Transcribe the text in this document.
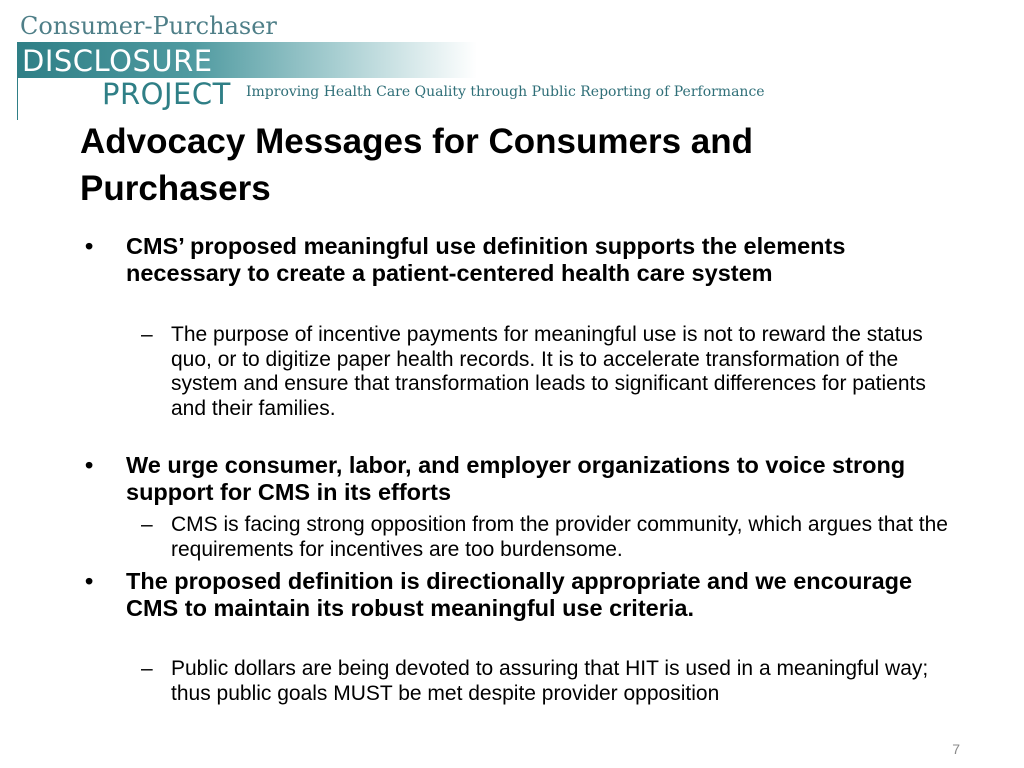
Consumer-Purchaser
DISCLOSURE
PROJECT Improving Health Care Quality through Public Reporting of Performance
Advocacy Messages for Consumers and
Purchasers
• CMS’ proposed meaningful use definition supports the elements necessary to create a patient-centered health care system
– The purpose of incentive payments for meaningful use is not to reward the status quo, or to digitize paper health records. It is to accelerate transformation of the system and ensure that transformation leads to significant differences for patients and their families.
• We urge consumer, labor, and employer organizations to voice strong support for CMS in its efforts
– CMS is facing strong opposition from the provider community, which argues that the requirements for incentives are too burdensome.
• The proposed definition is directionally appropriate and we encourage CMS to maintain its robust meaningful use criteria.
– Public dollars are being devoted to assuring that HIT is used in a meaningful way; thus public goals MUST be met despite provider opposition
7
